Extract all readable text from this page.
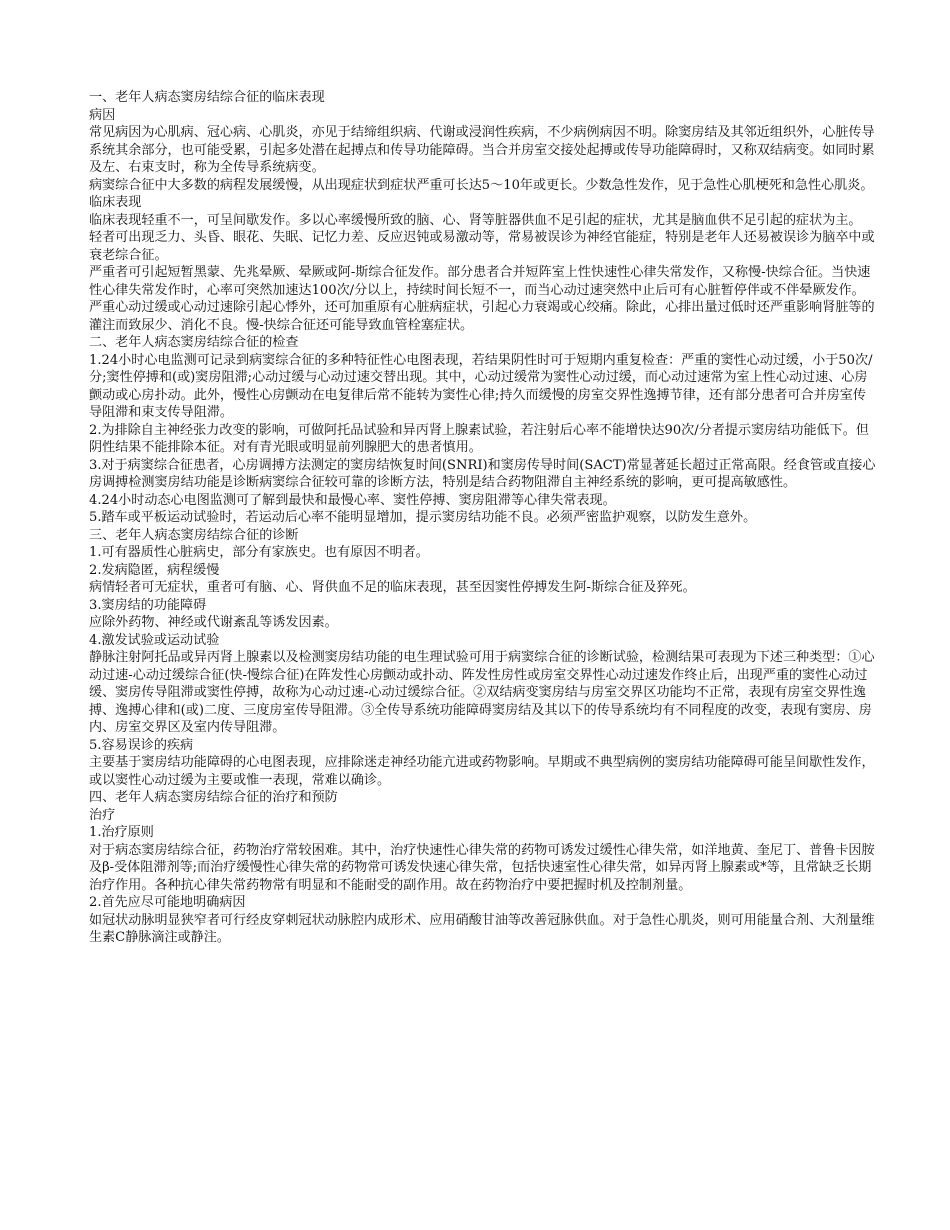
一、老年人病态窦房结综合征的临床表现

病因

常见病因为心肌病、冠心病、心肌炎，亦见于结缔组织病、代谢或浸润性疾病，不少病例病因不明。除窦房结及其邻近组织外，心脏传导系统其余部分，也可能受累，引起多处潜在起搏点和传导功能障碍。当合并房室交接处起搏或传导功能障碍时，又称双结病变。如同时累及左、右束支时，称为全传导系统病变。

病窦综合征中大多数的病程发展缓慢，从出现症状到症状严重可长达5～10年或更长。少数急性发作，见于急性心肌梗死和急性心肌炎。

临床表现

临床表现轻重不一，可呈间歇发作。多以心率缓慢所致的脑、心、肾等脏器供血不足引起的症状，尤其是脑血供不足引起的症状为主。

轻者可出现乏力、头昏、眼花、失眠、记忆力差、反应迟钝或易激动等，常易被误诊为神经官能症，特别是老年人还易被误诊为脑卒中或衰老综合征。

严重者可引起短暂黑蒙、先兆晕厥、晕厥或阿-斯综合征发作。部分患者合并短阵室上性快速性心律失常发作，又称慢-快综合征。当快速性心律失常发作时，心率可突然加速达100次/分以上，持续时间长短不一，而当心动过速突然中止后可有心脏暂停伴或不伴晕厥发作。

严重心动过缓或心动过速除引起心悸外，还可加重原有心脏病症状，引起心力衰竭或心绞痛。除此，心排出量过低时还严重影响肾脏等的灌注而致尿少、消化不良。慢-快综合征还可能导致血管栓塞症状。

二、老年人病态窦房结综合征的检查

1.24小时心电监测可记录到病窦综合征的多种特征性心电图表现，若结果阴性时可于短期内重复检查：严重的窦性心动过缓，小于50次/分;窦性停搏和(或)窦房阻滞;心动过缓与心动过速交替出现。其中，心动过缓常为窦性心动过缓，而心动过速常为室上性心动过速、心房颤动或心房扑动。此外，慢性心房颤动在电复律后常不能转为窦性心律;持久而缓慢的房室交界性逸搏节律，还有部分患者可合并房室传导阻滞和束支传导阻滞。

2.为排除自主神经张力改变的影响，可做阿托品试验和异丙肾上腺素试验，若注射后心率不能增快达90次/分者提示窦房结功能低下。但阴性结果不能排除本征。对有青光眼或明显前列腺肥大的患者慎用。

3.对于病窦综合征患者，心房调搏方法测定的窦房结恢复时间(SNRI)和窦房传导时间(SACT)常显著延长超过正常高限。经食管或直接心房调搏检测窦房结功能是诊断病窦综合征较可靠的诊断方法，特别是结合药物阻滞自主神经系统的影响，更可提高敏感性。

4.24小时动态心电图监测可了解到最快和最慢心率、窦性停搏、窦房阻滞等心律失常表现。

5.踏车或平板运动试验时，若运动后心率不能明显增加，提示窦房结功能不良。必须严密监护观察，以防发生意外。

三、老年人病态窦房结综合征的诊断

1.可有器质性心脏病史，部分有家族史。也有原因不明者。

2.发病隐匿，病程缓慢

病情轻者可无症状，重者可有脑、心、肾供血不足的临床表现，甚至因窦性停搏发生阿-斯综合征及猝死。

3.窦房结的功能障碍

应除外药物、神经或代谢紊乱等诱发因素。

4.激发试验或运动试验

静脉注射阿托品或异丙肾上腺素以及检测窦房结功能的电生理试验可用于病窦综合征的诊断试验，检测结果可表现为下述三种类型：①心动过速-心动过缓综合征(快-慢综合征)在阵发性心房颤动或扑动、阵发性房性或房室交界性心动过速发作终止后，出现严重的窦性心动过缓、窦房传导阻滞或窦性停搏，故称为心动过速-心动过缓综合征。②双结病变窦房结与房室交界区功能均不正常，表现有房室交界性逸搏、逸搏心律和(或)二度、三度房室传导阻滞。③全传导系统功能障碍窦房结及其以下的传导系统均有不同程度的改变，表现有窦房、房内、房室交界区及室内传导阻滞。

5.容易误诊的疾病

主要基于窦房结功能障碍的心电图表现，应排除迷走神经功能亢进或药物影响。早期或不典型病例的窦房结功能障碍可能呈间歇性发作，或以窦性心动过缓为主要或惟一表现，常难以确诊。

四、老年人病态窦房结综合征的治疗和预防

治疗

1.治疗原则

对于病态窦房结综合征，药物治疗常较困难。其中，治疗快速性心律失常的药物可诱发过缓性心律失常，如洋地黄、奎尼丁、普鲁卡因胺及β-受体阻滞剂等;而治疗缓慢性心律失常的药物常可诱发快速心律失常，包括快速室性心律失常，如异丙肾上腺素或*等，且常缺乏长期治疗作用。各种抗心律失常药物常有明显和不能耐受的副作用。故在药物治疗中要把握时机及控制剂量。

2.首先应尽可能地明确病因

如冠状动脉明显狭窄者可行经皮穿刺冠状动脉腔内成形术、应用硝酸甘油等改善冠脉供血。对于急性心肌炎，则可用能量合剂、大剂量维生素C静脉滴注或静注。
